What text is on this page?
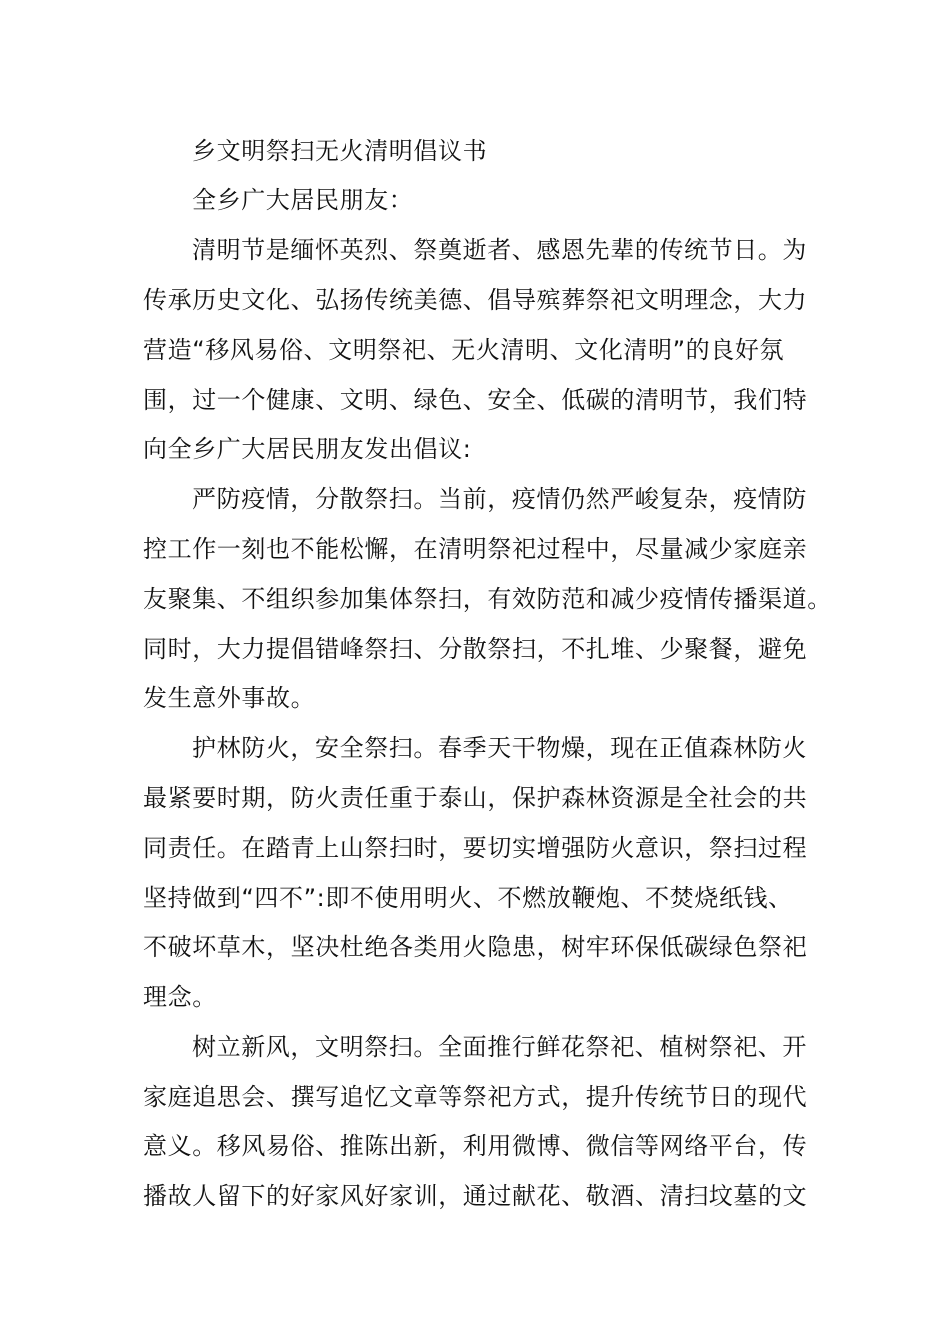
乡文明祭扫无火清明倡议书
全乡广大居民朋友：
清明节是缅怀英烈、祭奠逝者、感恩先辈的传统节日。为
传承历史文化、弘扬传统美德、倡导殡葬祭祀文明理念，大力
营造“移风易俗、文明祭祀、无火清明、文化清明”的良好氛
围，过一个健康、文明、绿色、安全、低碳的清明节，我们特
向全乡广大居民朋友发出倡议:
严防疫情，分散祭扫。当前，疫情仍然严峻复杂，疫情防
控工作一刻也不能松懈，在清明祭祀过程中，尽量减少家庭亲
友聚集、不组织参加集体祭扫，有效防范和减少疫情传播渠道。
同时，大力提倡错峰祭扫、分散祭扫，不扎堆、少聚餐，避免
发生意外事故。
护林防火，安全祭扫。春季天干物燥，现在正值森林防火
最紧要时期，防火责任重于泰山，保护森林资源是全社会的共
同责任。在踏青上山祭扫时，要切实增强防火意识，祭扫过程
坚持做到“四不”:即不使用明火、不燃放鞭炮、不焚烧纸钱、
不破坏草木，坚决杜绝各类用火隐患，树牢环保低碳绿色祭祀
理念。
树立新风，文明祭扫。全面推行鲜花祭祀、植树祭祀、开
家庭追思会、撰写追忆文章等祭祀方式，提升传统节日的现代
意义。移风易俗、推陈出新，利用微博、微信等网络平台，传
播故人留下的好家风好家训，通过献花、敬酒、清扫坟墓的文
